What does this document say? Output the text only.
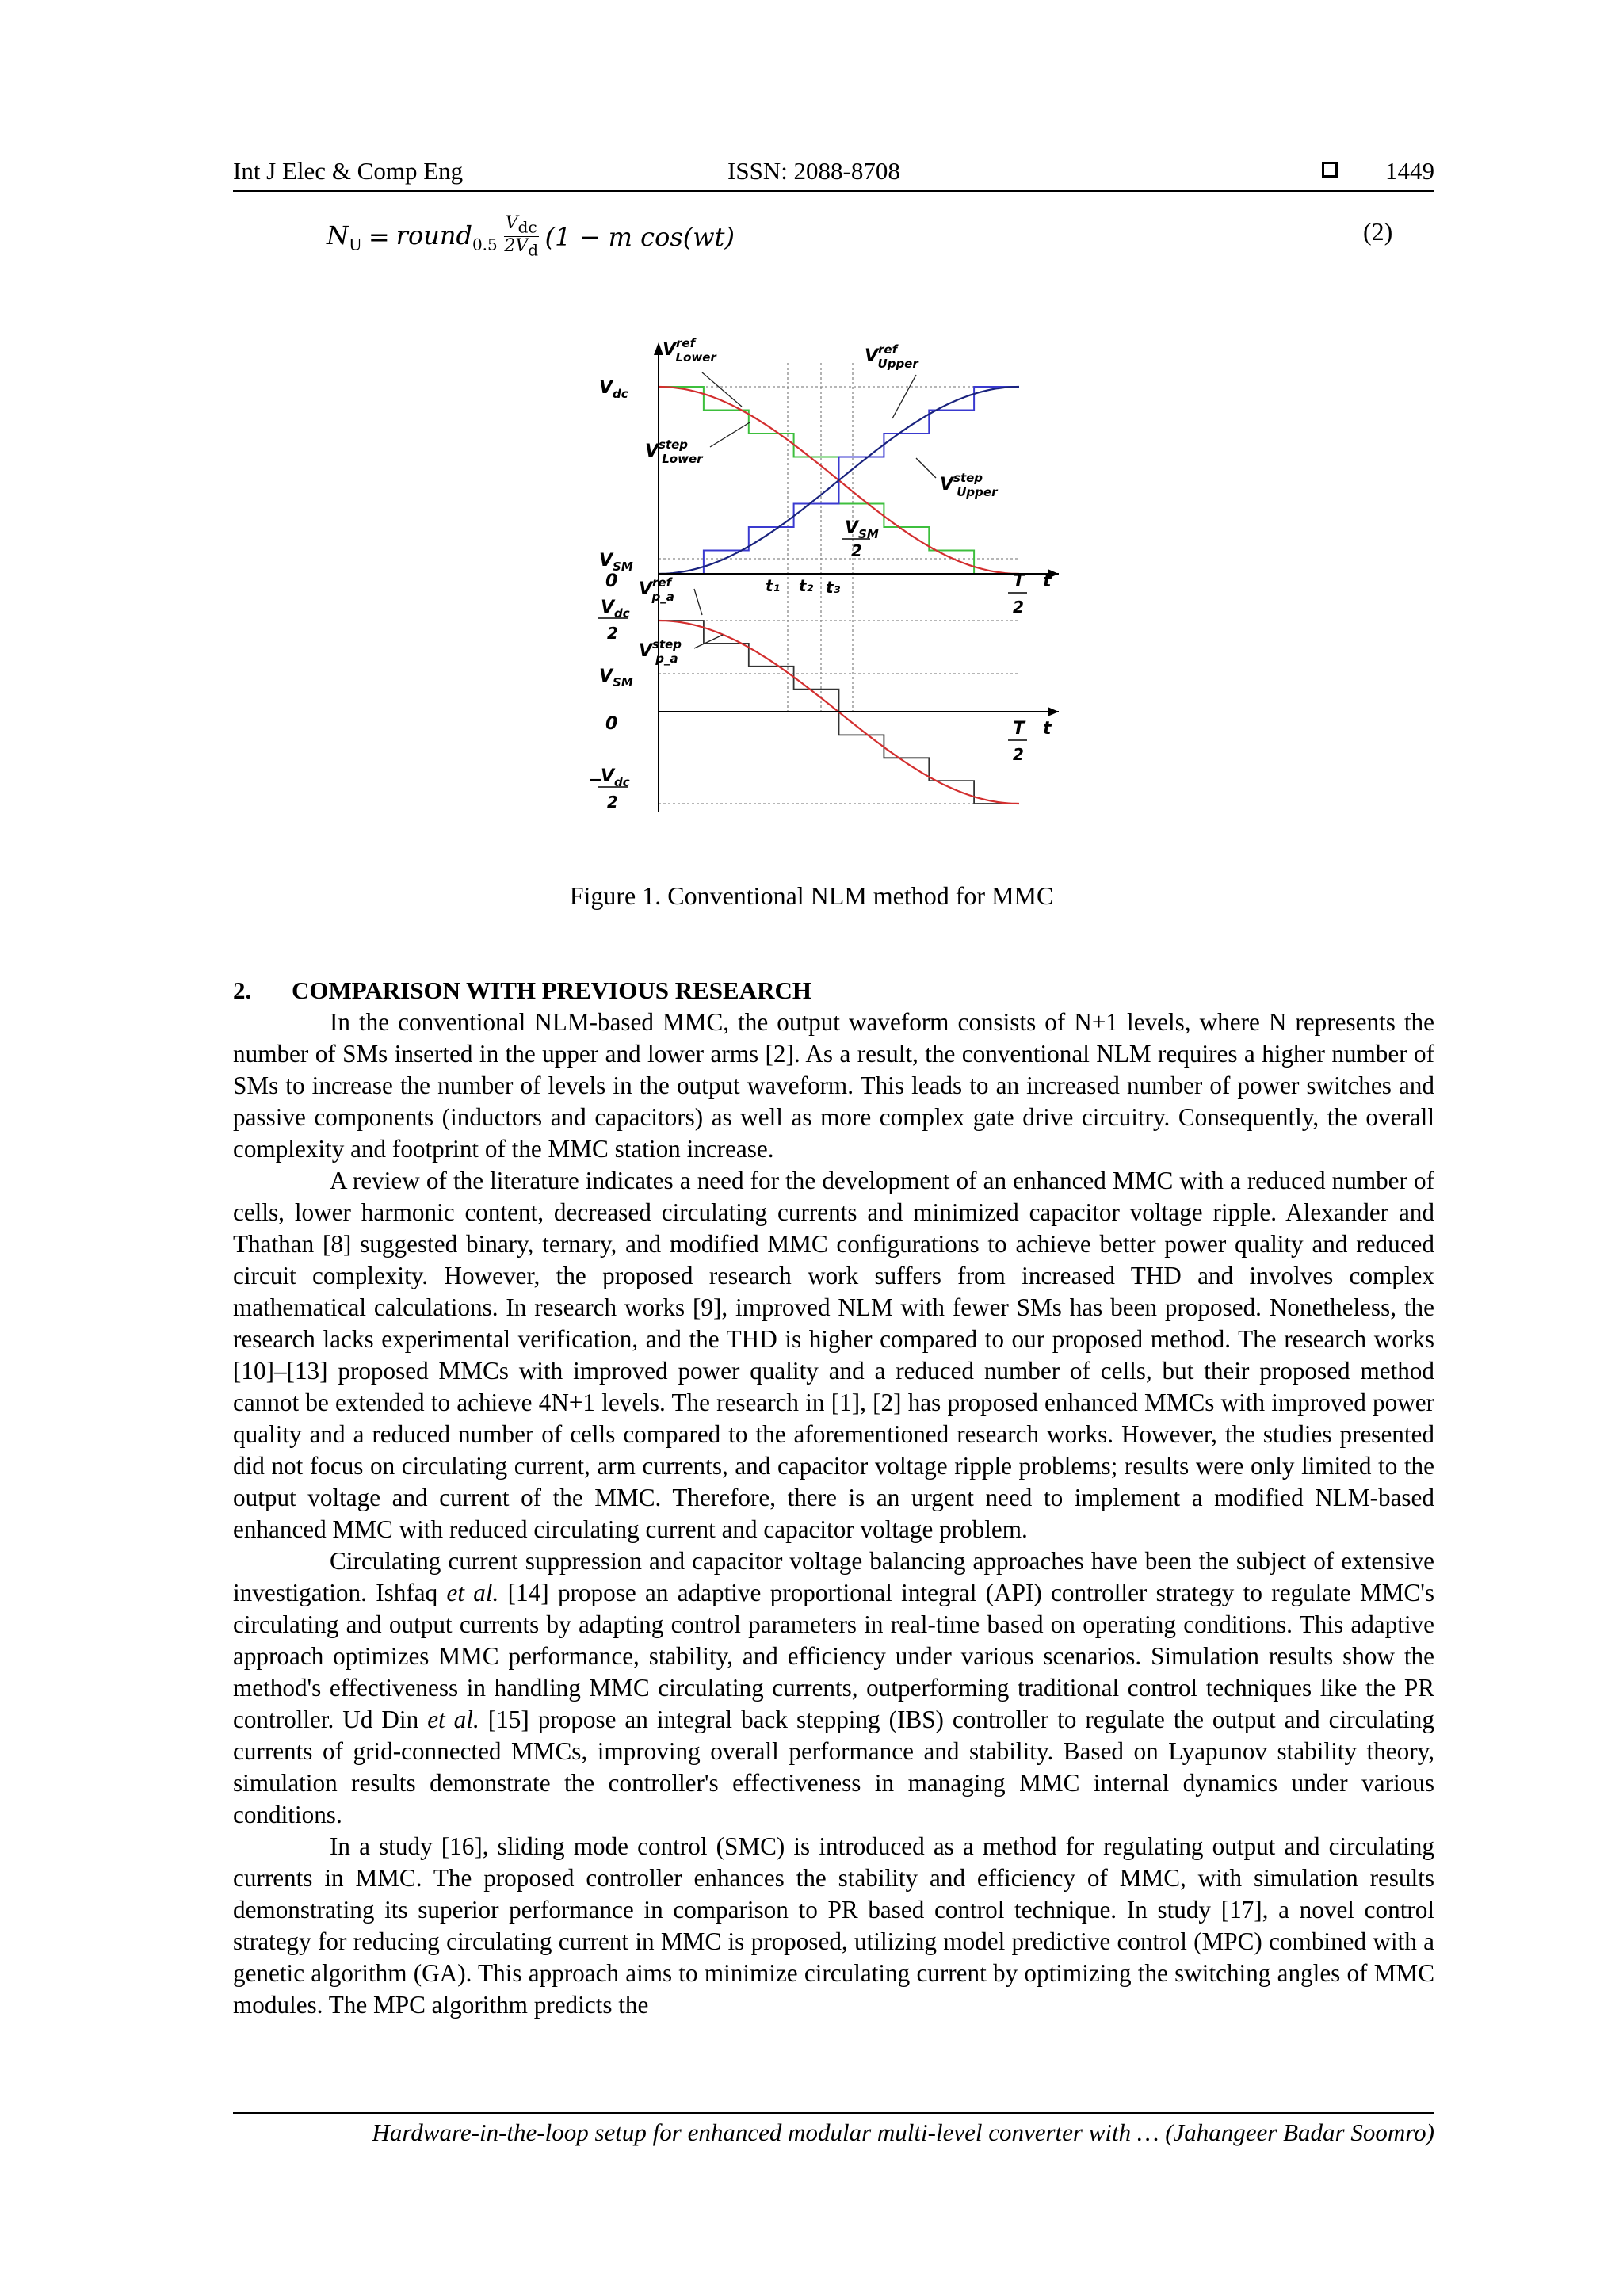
Int J Elec & Comp Eng	ISSN: 2088-8708	1449
$N_U$ = round$_{0.5}$ $\frac{V_{dc}}{2V_d} (1 - m$ cos(wt)	(2)
$V_{dc}$
$V_{SM}$
0
$V_{dc}$
2
$V_{SM}$
0
−
$V_{dc}$
2
$V^{ref}$ Lower	$V^{ref}$ Upper
$V^{step}$ Lower
$V^{step}$ Upper
$V_{SM}$
2
$V^{ref}$ p_a
$V^{step}$ p_a
t₁ t₂ t₃	T
2
t
T
2
t
Figure 1. Conventional NLM method for MMC
2. COMPARISON WITH PREVIOUS RESEARCH

In the conventional NLM-based MMC, the output waveform consists of N+1 levels, where N represents the number of SMs inserted in the upper and lower arms [2]. As a result, the conventional NLM requires a higher number of SMs to increase the number of levels in the output waveform. This leads to an increased number of power switches and passive components (inductors and capacitors) as well as more complex gate drive circuitry. Consequently, the overall complexity and footprint of the MMC station increase.

A review of the literature indicates a need for the development of an enhanced MMC with a reduced number of cells, lower harmonic content, decreased circulating currents and minimized capacitor voltage ripple. Alexander and Thathan [8] suggested binary, ternary, and modified MMC configurations to achieve better power quality and reduced circuit complexity. However, the proposed research work suffers from increased THD and involves complex mathematical calculations. In research works [9], improved NLM with fewer SMs has been proposed. Nonetheless, the research lacks experimental verification, and the THD is higher compared to our proposed method. The research works [10]–[13] proposed MMCs with improved power quality and a reduced number of cells, but their proposed method cannot be extended to achieve 4N+1 levels. The research in [1], [2] has proposed enhanced MMCs with improved power quality and a reduced number of cells compared to the aforementioned research works. However, the studies presented did not focus on circulating current, arm currents, and capacitor voltage ripple problems; results were only limited to the output voltage and current of the MMC. Therefore, there is an urgent need to implement a modified NLM-based enhanced MMC with reduced circulating current and capacitor voltage problem.

Circulating current suppression and capacitor voltage balancing approaches have been the subject of extensive investigation. Ishfaq et al. [14] propose an adaptive proportional integral (API) controller strategy to regulate MMC's circulating and output currents by adapting control parameters in real-time based on operating conditions. This adaptive approach optimizes MMC performance, stability, and efficiency under various scenarios. Simulation results show the method's effectiveness in handling MMC circulating currents, outperforming traditional control techniques like the PR controller. Ud Din et al. [15] propose an integral back stepping (IBS) controller to regulate the output and circulating currents of grid-connected MMCs, improving overall performance and stability. Based on Lyapunov stability theory, simulation results demonstrate the controller's effectiveness in managing MMC internal dynamics under various conditions.

In a study [16], sliding mode control (SMC) is introduced as a method for regulating output and circulating currents in MMC. The proposed controller enhances the stability and efficiency of MMC, with simulation results demonstrating its superior performance in comparison to PR based control technique. In study [17], a novel control strategy for reducing circulating current in MMC is proposed, utilizing model predictive control (MPC) combined with a genetic algorithm (GA). This approach aims to minimize circulating current by optimizing the switching angles of MMC modules. The MPC algorithm predicts the

Hardware-in-the-loop setup for enhanced modular multi-level converter with … (Jahangeer Badar Soomro)
